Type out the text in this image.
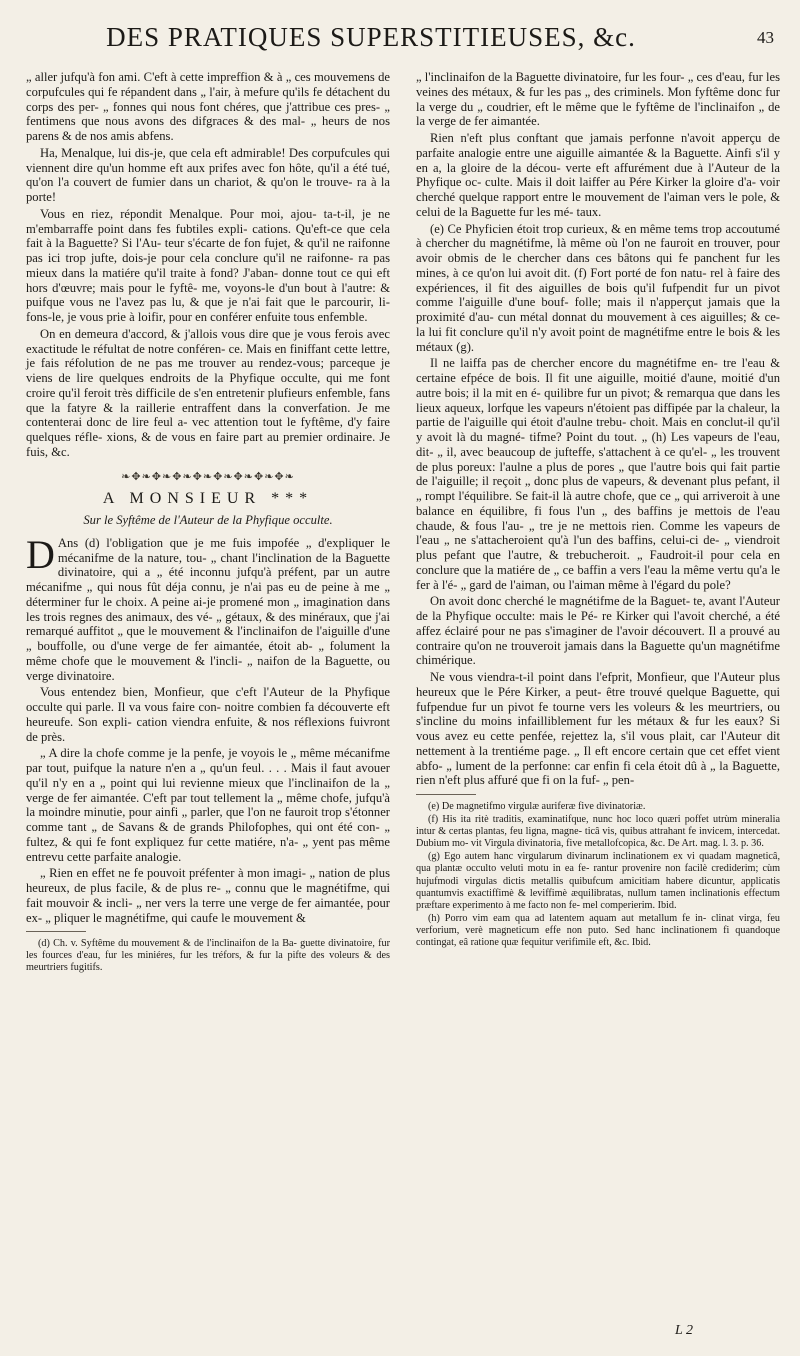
DES PRATIQUES SUPERSTITIEUSES, &c.	43

„ aller jufqu'à fon ami. C'eft à cette impreffion & à „ ces mouvemens de corpufcules qui fe répandent dans „ l'air, à mefure qu'ils fe détachent du corps des per- „ fonnes qui nous font chéres, que j'attribue ces pres- „ fentimens que nous avons des difgraces & des mal- „ heurs de nos parens & de nos amis abfens.

Ha, Menalque, lui dis-je, que cela eft admirable! Des corpufcules qui viennent dire qu'un homme eft aux prifes avec fon hôte, qu'il a été tué, qu'on l'a couvert de fumier dans un chariot, & qu'on le trouve- ra à la porte!

Vous en riez, répondit Menalque. Pour moi, ajou- ta-t-il, je ne m'embarraffe point dans fes fubtiles expli- cations. Qu'eft-ce que cela fait à la Baguette? Si l'Au- teur s'écarte de fon fujet, & qu'il ne raifonne pas ici trop jufte, dois-je pour cela conclure qu'il ne raifonne- ra pas mieux dans la matiére qu'il traite à fond? J'aban- donne tout ce qui eft hors d'œuvre; mais pour le fyftê- me, voyons-le d'un bout à l'autre: & puifque vous ne l'avez pas lu, & que je n'ai fait que le parcourir, li- fons-le, je vous prie à loifir, pour en conférer enfuite tous enfemble.

On en demeura d'accord, & j'allois vous dire que je vous ferois avec exactitude le réfultat de notre conféren- ce. Mais en finiffant cette lettre, je fais réfolution de ne pas me trouver au rendez-vous; parceque je viens de lire quelques endroits de la Phyfique occulte, qui me font croire qu'il feroit très difficile de s'en entretenir plufieurs enfemble, fans que la fatyre & la raillerie entraffent dans la converfation. Je me contenterai donc de lire feul a- vec attention tout le fyftême, d'y faire quelques réfle- xions, & de vous en faire part au premier ordinaire. Je fuis, &c.

❧✥❧✥❧✥❧✥❧✥❧✥❧✥❧✥❧
A MONSIEUR ***
Sur le Syftême de l'Auteur de la Phyfique occulte.

D Ans (d) l'obligation que je me fuis impofée „ d'expliquer le mécanifme de la nature, tou- „ chant l'inclination de la Baguette divinatoire, qui a „ été inconnu jufqu'à préfent, par un autre mécanifme „ qui nous fût déja connu, je n'ai pas eu de peine à me „ déterminer fur le choix. A peine ai-je promené mon „ imagination dans les trois regnes des animaux, des vé- „ gétaux, & des minéraux, que j'ai remarqué auffitot „ que le mouvement & l'inclinaifon de l'aiguille d'une „ bouffolle, ou d'une verge de fer aimantée, étoit ab- „ folument la même chofe que le mouvement & l'incli- „ naifon de la Baguette, ou verge divinatoire.

Vous entendez bien, Monfieur, que c'eft l'Auteur de la Phyfique occulte qui parle. Il va vous faire con- noitre combien fa découverte eft heureufe. Son expli- cation viendra enfuite, & nos réflexions fuivront de près.

„ A dire la chofe comme je la penfe, je voyois le „ même mécanifme par tout, puifque la nature n'en a „ qu'un feul. . . . Mais il faut avouer qu'il n'y en a „ point qui lui revienne mieux que l'inclinaifon de la „ verge de fer aimantée. C'eft par tout tellement la „ même chofe, jufqu'à la moindre minutie, pour ainfi „ parler, que l'on ne fauroit trop s'étonner comme tant „ de Savans & de grands Philofophes, qui ont été con- „ fultez, & qui fe font expliquez fur cette matiére, n'a- „ yent pas même entrevu cette parfaite analogie.

„ Rien en effet ne fe pouvoit préfenter à mon imagi- „ nation de plus heureux, de plus facile, & de plus re- „ connu que le magnétifme, qui fait mouvoir & incli- „ ner vers la terre une verge de fer aimantée, pour ex- „ pliquer le magnétifme, qui caufe le mouvement &

(d) Ch. v. Syftême du mouvement & de l'inclinaifon de la Ba- guette divinatoire, fur les fources d'eau, fur les miniéres, fur les tréfors, & fur la pifte des voleurs & des meurtriers fugitifs.

„ l'inclinaifon de la Baguette divinatoire, fur les four- „ ces d'eau, fur les veines des métaux, & fur les pas „ des criminels. Mon fyftême donc fur la verge du „ coudrier, eft le même que le fyftême de l'inclinaifon „ de la verge de fer aimantée.

Rien n'eft plus conftant que jamais perfonne n'avoit apperçu de parfaite analogie entre une aiguille aimantée & la Baguette. Ainfi s'il y en a, la gloire de la décou- verte eft affurément due à l'Auteur de la Phyfique oc- culte. Mais il doit laiffer au Pére Kirker la gloire d'a- voir cherché quelque rapport entre le mouvement de l'aiman vers le pole, & celui de la Baguette fur les mé- taux.

(e) Ce Phyficien étoit trop curieux, & en même tems trop accoutumé à chercher du magnétifme, là même où l'on ne fauroit en trouver, pour avoir obmis de le chercher dans ces bâtons qui fe panchent fur les mines, à ce qu'on lui avoit dit. (f) Fort porté de fon natu- rel à faire des expériences, il fit des aiguilles de bois qu'il fufpendit fur un pivot comme l'aiguille d'une bouf- folle; mais il n'apperçut jamais que la proximité d'au- cun métal donnat du mouvement à ces aiguilles; & ce- la lui fit conclure qu'il n'y avoit point de magnétifme entre le bois & les métaux (g).

Il ne laiffa pas de chercher encore du magnétifme en- tre l'eau & certaine efpéce de bois. Il fit une aiguille, moitié d'aune, moitié d'un autre bois; il la mit en é- quilibre fur un pivot; & remarqua que dans les lieux aqueux, lorfque les vapeurs n'étoient pas diffipée par la chaleur, la partie de l'aiguille qui étoit d'aulne trebu- choit. Mais en conclut-il qu'il y avoit là du magné- tifme? Point du tout. „ (h) Les vapeurs de l'eau, dit- „ il, avec beaucoup de jufteffe, s'attachent à ce qu'el- „ les trouvent de plus poreux: l'aulne a plus de pores „ que l'autre bois qui fait partie de l'aiguille; il reçoit „ donc plus de vapeurs, & devenant plus pefant, il „ rompt l'équilibre. Se fait-il là autre chofe, que ce „ qui arriveroit à une balance en équilibre, fi fous l'un „ des baffins je mettois de l'eau chaude, & fous l'au- „ tre je ne mettois rien. Comme les vapeurs de l'eau „ ne s'attacheroient qu'à l'un des baffins, celui-ci de- „ viendroit plus pefant que l'autre, & trebucheroit. „ Faudroit-il pour cela en conclure que la matiére de „ ce baffin a vers l'eau la même vertu qu'a le fer à l'é- „ gard de l'aiman, ou l'aiman même à l'égard du pole?

On avoit donc cherché le magnétifme de la Baguet- te, avant l'Auteur de la Phyfique occulte: mais le Pé- re Kirker qui l'avoit cherché, a été affez éclairé pour ne pas s'imaginer de l'avoir découvert. Il a prouvé au contraire qu'on ne trouveroit jamais dans la Baguette qu'un magnétifme chimérique.

Ne vous viendra-t-il point dans l'efprit, Monfieur, que l'Auteur plus heureux que le Pére Kirker, a peut- être trouvé quelque Baguette, qui fufpendue fur un pivot fe tourne vers les voleurs & les meurtriers, ou s'incline du moins infailliblement fur les métaux & fur les eaux? Si vous avez eu cette penfée, rejettez la, s'il vous plait, car l'Auteur dit nettement à la trentiéme page. „ Il eft encore certain que cet effet vient abfo- „ lument de la perfonne: car enfin fi cela étoit dû à „ la Baguette, rien n'eft plus affuré que fi on la fuf- „ pen-

(e) De magnetifmo virgulæ auriferæ five divinatoriæ.

(f) His ita ritè traditis, examinatifque, nunc hoc loco quæri poffet utrùm mineralia intur & certas plantas, feu ligna, magne- ticâ vis, quibus attrahant fe invicem, intercedat. Dubium mo- vit Virgula divinatoria, five metallofcopica, &c. De Art. mag. l. 3. p. 36.

(g) Ego autem hanc virgularum divinarum inclinationem ex vi quadam magneticâ, qua plantæ occulto veluti motu in ea fe- rantur provenire non facilè crediderim; cùm hujufmodi virgulas dictis metallis quibufcum amicitiam habere dicuntur, applicatis quantumvis exactiffimè & leviffimè æquilibratas, nullum tamen inclinationis effectum præftare experimento à me facto non fe- mel comperierim. Ibid.

(h) Porro vim eam qua ad latentem aquam aut metallum fe in- clinat virga, feu verforium, verè magneticum effe non puto. Sed hanc inclinationem fi quandoque contingat, eâ ratione quæ fequitur verifimile eft, &c. Ibid.

L 2
